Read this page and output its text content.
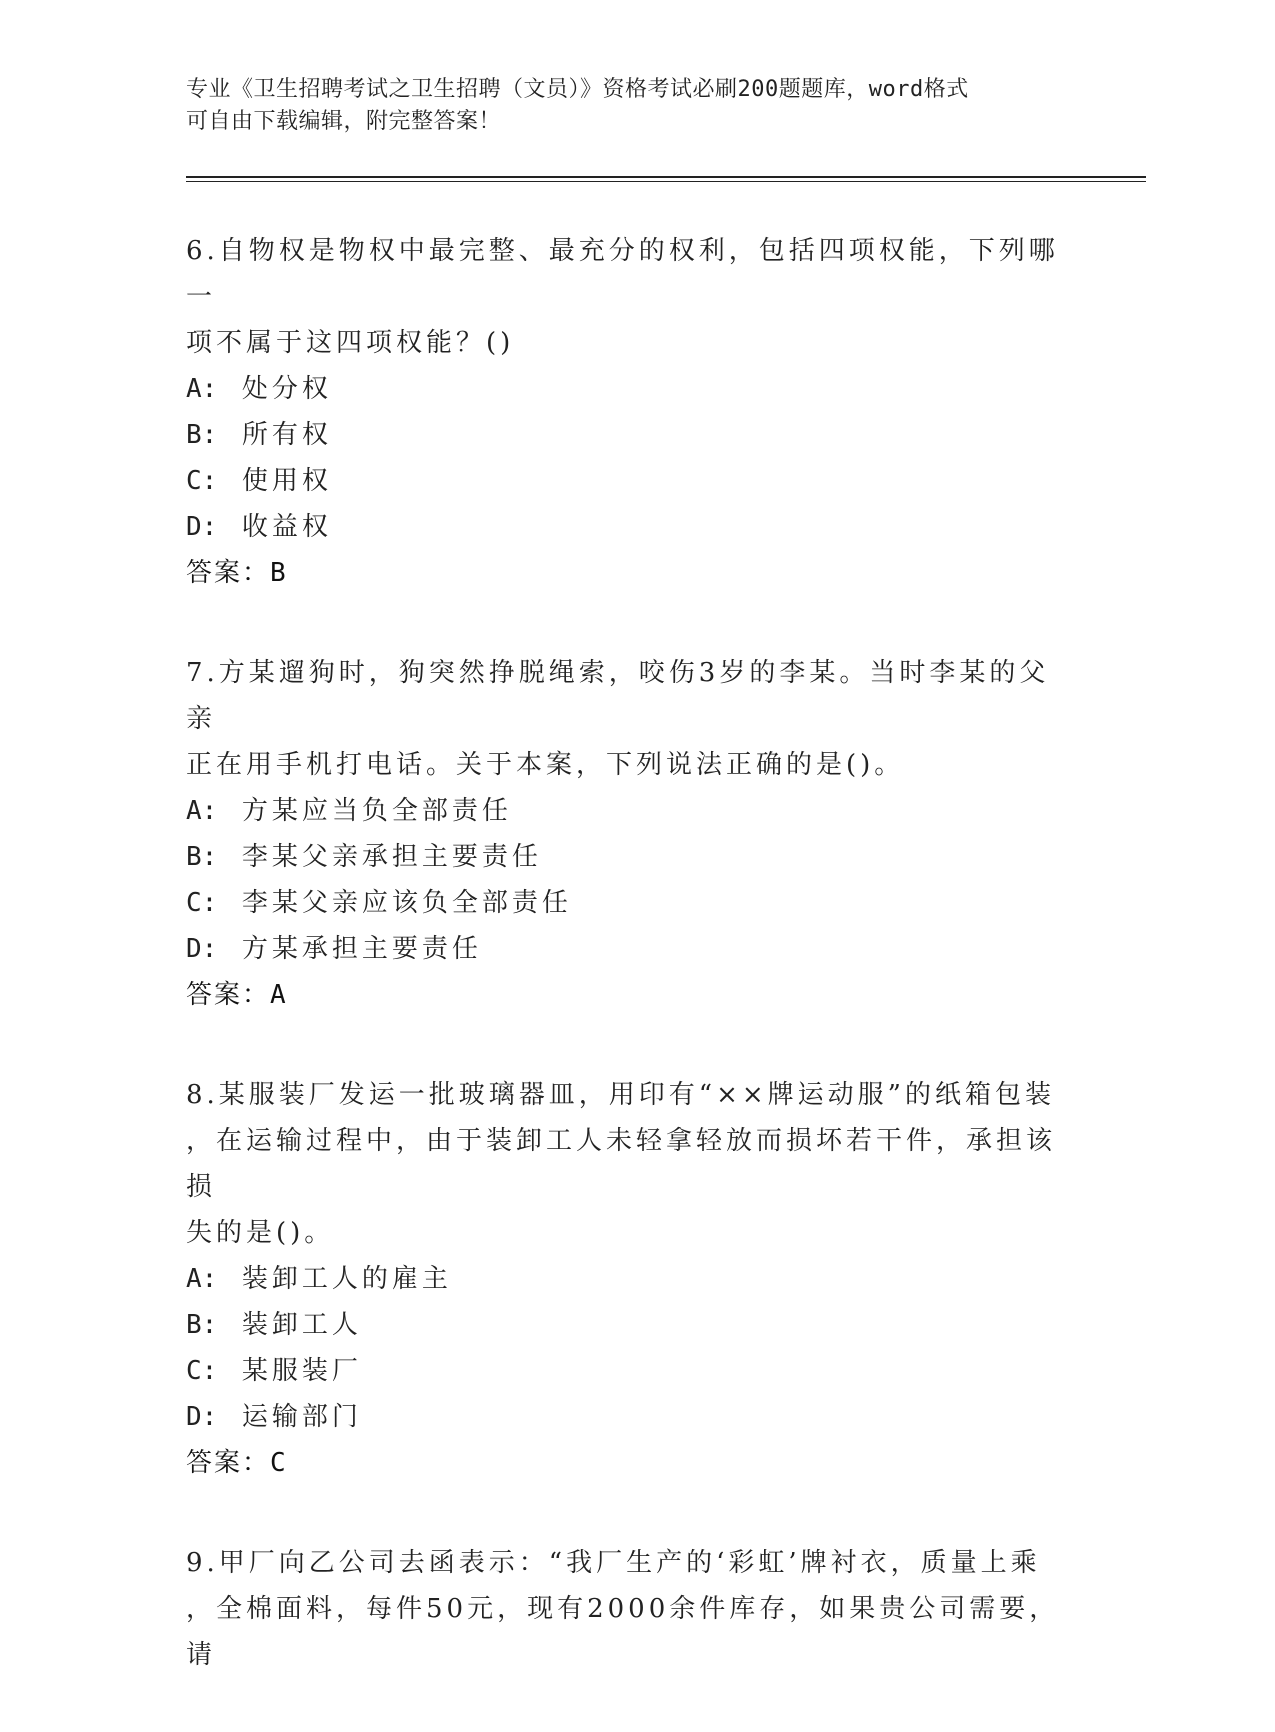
专业《卫生招聘考试之卫生招聘（文员）》资格考试必刷200题题库，word格式
可自由下载编辑，附完整答案！
6.自物权是物权中最完整、最充分的权利，包括四项权能，下列哪一
项不属于这四项权能？()
A: 处分权
B: 所有权
C: 使用权
D: 收益权
答案：B
7.方某遛狗时，狗突然挣脱绳索，咬伤3岁的李某。当时李某的父亲
正在用手机打电话。关于本案，下列说法正确的是()。
A: 方某应当负全部责任
B: 李某父亲承担主要责任
C: 李某父亲应该负全部责任
D: 方某承担主要责任
答案：A
8.某服装厂发运一批玻璃器皿，用印有“××牌运动服”的纸箱包装
，在运输过程中，由于装卸工人未轻拿轻放而损坏若干件，承担该损
失的是()。
A: 装卸工人的雇主
B: 装卸工人
C: 某服装厂
D: 运输部门
答案：C
9.甲厂向乙公司去函表示：“我厂生产的‘彩虹’牌衬衣，质量上乘
，全棉面料，每件50元，现有2000余件库存，如果贵公司需要，请
